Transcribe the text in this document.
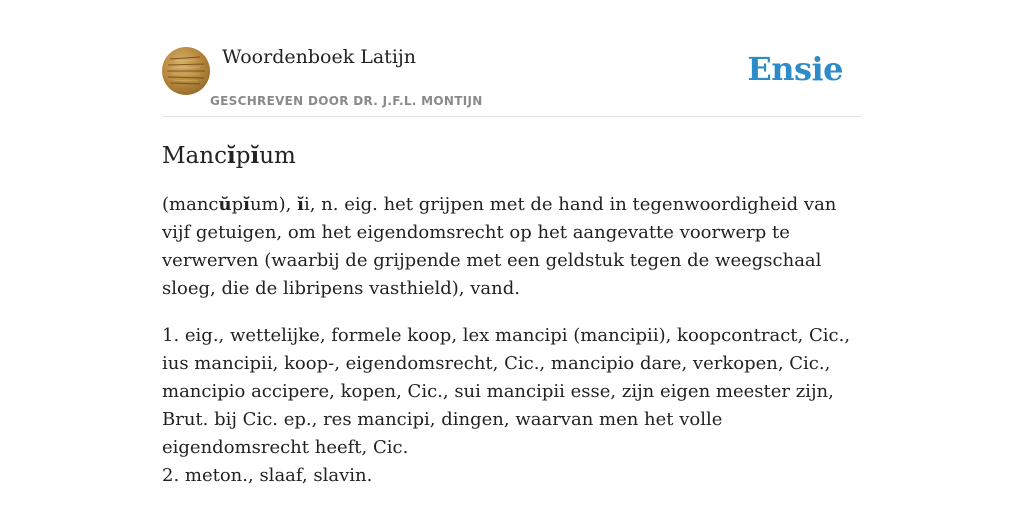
Woordenboek Latijn
GESCHREVEN DOOR DR. J.F.L. MONTIJN
Ensie
Mancĭpĭum

(mancŭpĭum), ĭi, n. eig. het grijpen met de hand in tegenwoordigheid van vijf getuigen, om het eigendomsrecht op het aangevatte voorwerp te verwerven (waarbij de grijpende met een geldstuk tegen de weegschaal sloeg, die de libripens vasthield), vand.

1. eig., wettelijke, formele koop, lex mancipi (mancipii), koopcontract, Cic., ius mancipii, koop-, eigendomsrecht, Cic., mancipio dare, verkopen, Cic., mancipio accipere, kopen, Cic., sui mancipii esse, zijn eigen meester zijn, Brut. bij Cic. ep., res mancipi, dingen, waarvan men het volle eigendomsrecht heeft, Cic.
2. meton., slaaf, slavin.
